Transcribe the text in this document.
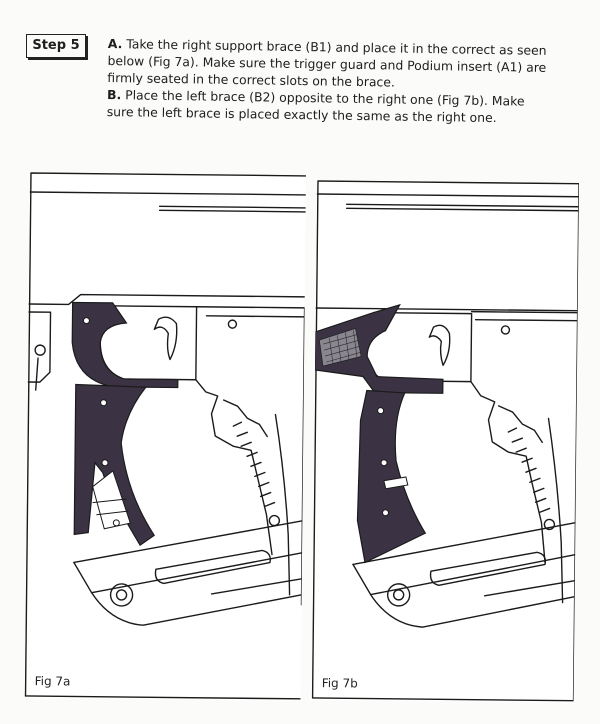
Step 5	A. Take the right support brace (B1) and place it in the correct as seen below (Fig 7a). Make sure the trigger guard and Podium insert (A1) are firmly seated in the correct slots on the brace.

B. Place the left brace (B2) opposite to the right one (Fig 7b). Make sure the left brace is placed exactly the same as the right one.

Fig 7a	Fig 7b
